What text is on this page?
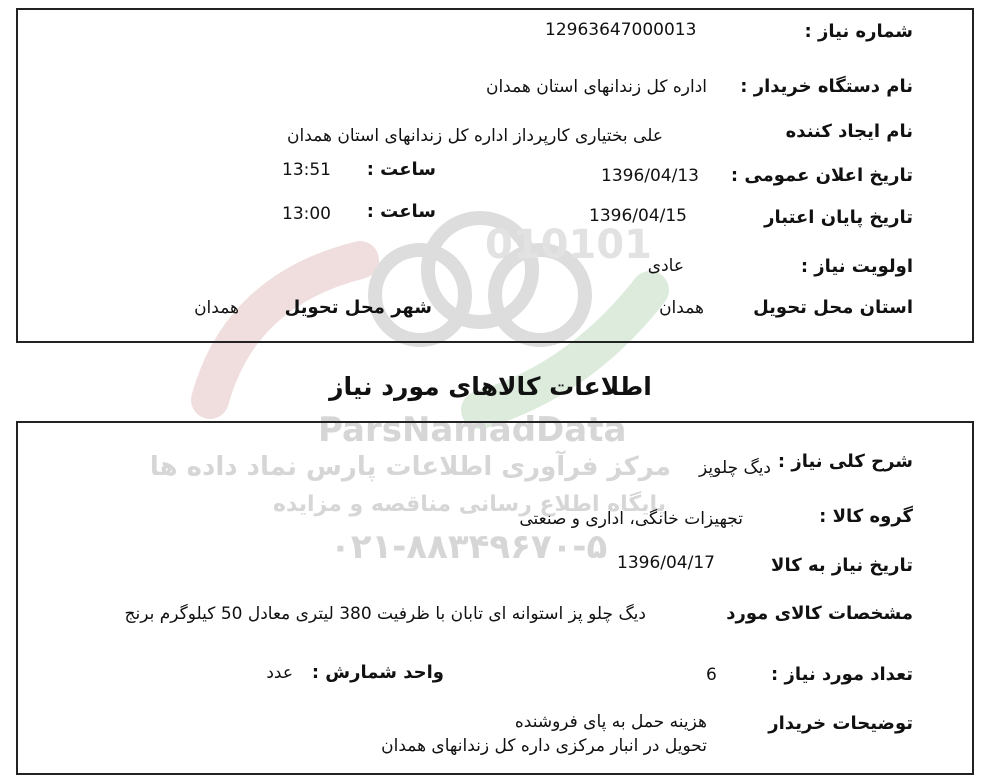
010101
ParsNamadData
مرکز فرآوری اطلاعات پارس نماد داده ها
پایگاه اطلاع رسانی مناقصه و مزایده
۰۲۱-۸۸۳۴۹۶۷۰-۵
شماره نیاز :
12963647000013
نام دستگاه خریدار :
اداره کل زندانهای استان همدان
نام ایجاد کننده
علی بختیاری کارپرداز اداره کل زندانهای استان همدان
تاریخ اعلان عمومی :
1396/04/13
ساعت :
13:51
تاریخ پایان اعتبار
1396/04/15
ساعت :
13:00
اولویت نیاز :
عادی
استان محل تحویل
همدان
شهر محل تحویل
همدان
اطلاعات کالاهای مورد نیاز
شرح کلی نیاز :
دیگ چلوپز
گروه کالا :
تجهیزات خانگی، اداری و صنعتی
تاریخ نیاز به کالا
1396/04/17
مشخصات کالای مورد
دیگ چلو پز استوانه ای تابان با ظرفیت 380 لیتری معادل 50 کیلوگرم برنج
تعداد مورد نیاز :
6
واحد شمارش :
عدد
توضیحات خریدار
هزینه حمل به پای فروشنده
تحویل در انبار مرکزی داره کل زندانهای همدان
